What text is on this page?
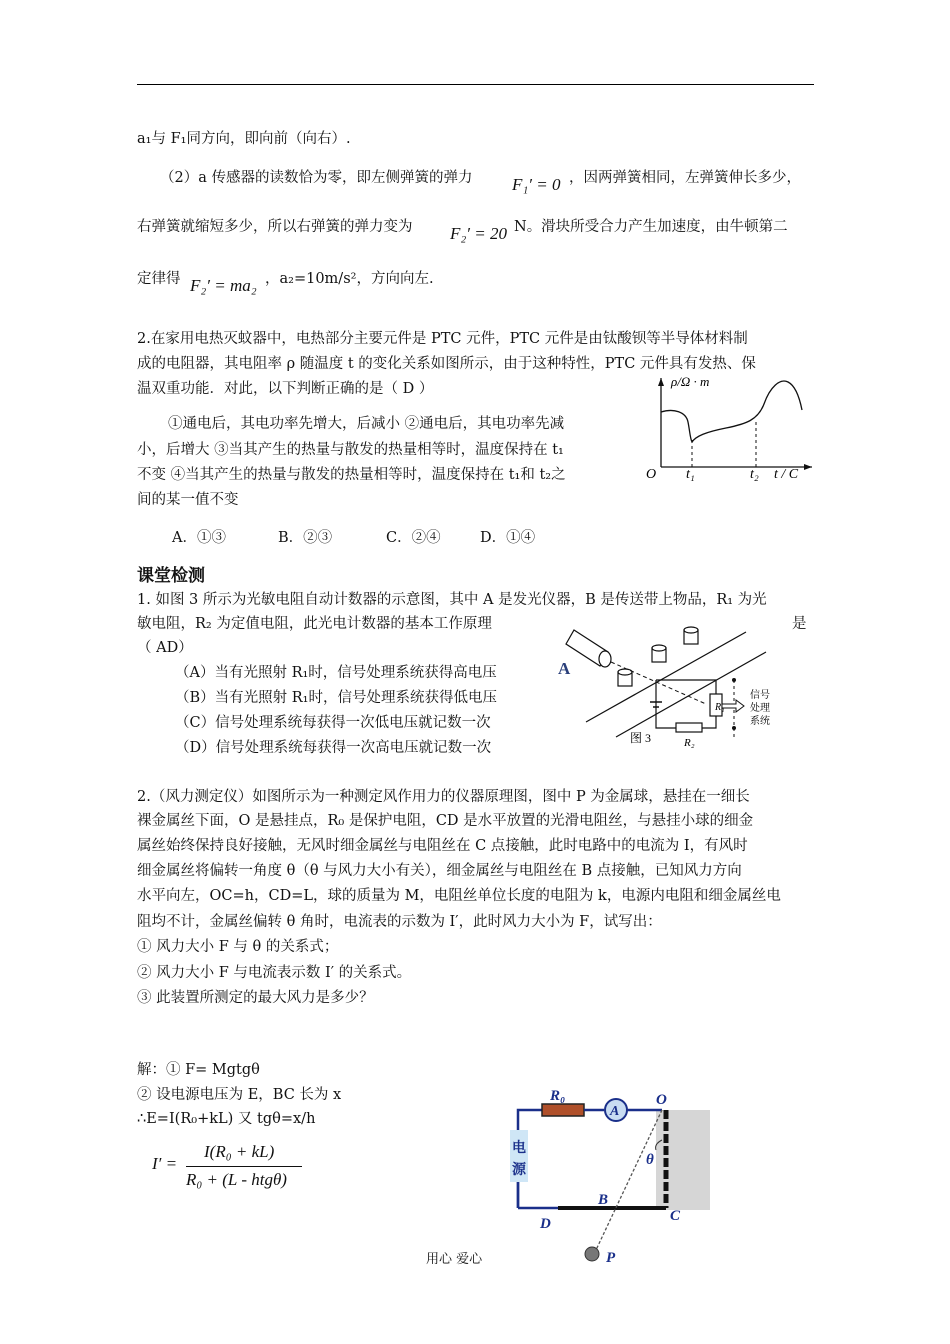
a₁与 F₁同方向，即向前（向右）.
（2）a 传感器的读数恰为零，即左侧弹簧的弹力 F₁′ = 0 ，因两弹簧相同，左弹簧伸长多少，
右弹簧就缩短多少，所以右弹簧的弹力变为 F₂′ = 20 N。滑块所受合力产生加速度，由牛顿第二
定律得 F₂′ = ma₂ ，a₂=10m/s²，方向向左.
2.在家用电热灭蚊器中，电热部分主要元件是 PTC 元件，PTC 元件是由钛酸钡等半导体材料制
成的电阻器，其电阻率 ρ 随温度 t 的变化关系如图所示，由于这种特性，PTC 元件具有发热、保
温双重功能．对此，以下判断正确的是（ D ）
①通电后，其电功率先增大，后减小 ②通电后，其电功率先减
小，后增大 ③当其产生的热量与散发的热量相等时，温度保持在 t₁
不变 ④当其产生的热量与散发的热量相等时，温度保持在 t₁和 t₂之
间的某一值不变
ρ/Ω · m
O t₁	t₂ t / C
A．①③	B．②③	C．②④	D．①④
课堂检测
1. 如图 3 所示为光敏电阻自动计数器的示意图，其中 A 是发光仪器，B 是传送带上物品，R₁ 为光
敏电阻，R₂ 为定值电阻，此光电计数器的基本工作原理	是
（ AD）
（A）当有光照射 R₁时，信号处理系统获得高电压
（B）当有光照射 R₁时，信号处理系统获得低电压
（C）信号处理系统每获得一次低电压就记数一次
（D）信号处理系统每获得一次高电压就记数一次
A
R₁
R₂
信号
处理
系统
图 3
2.（风力测定仪）如图所示为一种测定风作用力的仪器原理图，图中 P 为金属球，悬挂在一细长
裸金属丝下面，O 是悬挂点，R₀ 是保护电阻，CD 是水平放置的光滑电阻丝，与悬挂小球的细金
属丝始终保持良好接触，无风时细金属丝与电阻丝在 C 点接触，此时电路中的电流为 I，有风时
细金属丝将偏转一角度 θ（θ 与风力大小有关），细金属丝与电阻丝在 B 点接触，已知风力方向
水平向左，OC=h，CD=L，球的质量为 M，电阻丝单位长度的电阻为 k，电源内电阻和细金属丝电
阻均不计，金属丝偏转 θ 角时，电流表的示数为 I′，此时风力大小为 F，试写出：
① 风力大小 F 与 θ 的关系式；
② 风力大小 F 与电流表示数 I′ 的关系式。
③ 此装置所测定的最大风力是多少？
解：① F= Mgtgθ
② 设电源电压为 E，BC 长为 x
∴E=I(R₀+kL) 又 tgθ=x/h
I′ =
I(R₀ + kL)
R₀ + (L - htgθ)
R₀
A
O
θ
电
源
B
C
D
P
用心 爱心
